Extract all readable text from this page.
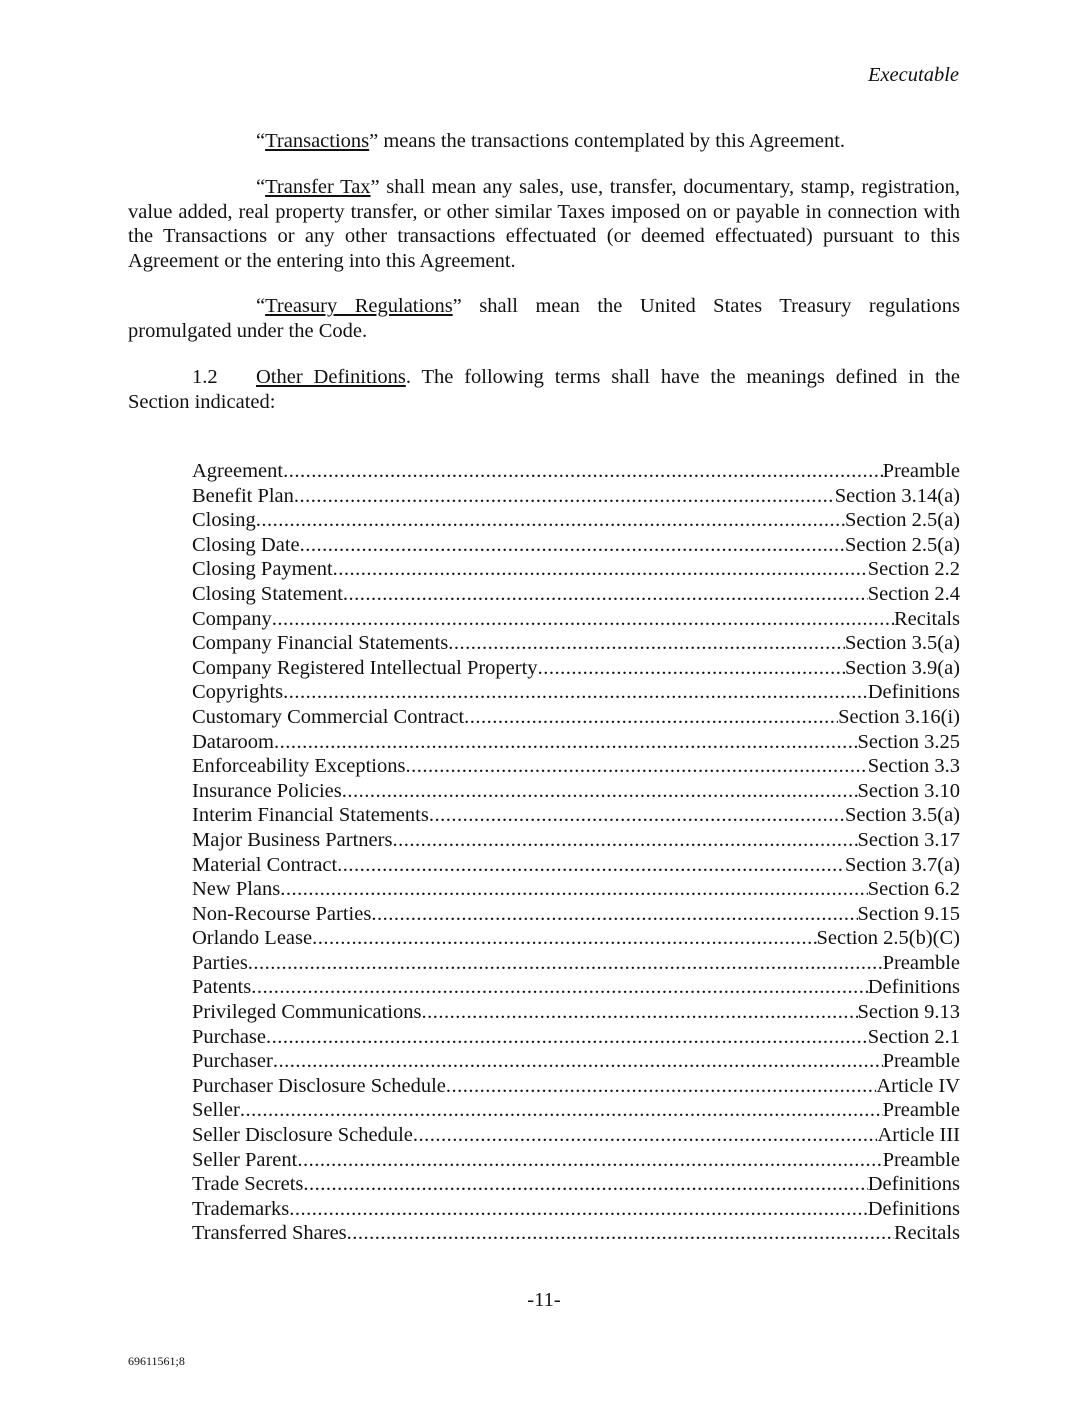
Executable

“Transactions” means the transactions contemplated by this Agreement.

“Transfer Tax” shall mean any sales, use, transfer, documentary, stamp, registration, value added, real property transfer, or other similar Taxes imposed on or payable in connection with the Transactions or any other transactions effectuated (or deemed effectuated) pursuant to this Agreement or the entering into this Agreement.

“Treasury Regulations” shall mean the United States Treasury regulations promulgated under the Code.

1.2 Other Definitions. The following terms shall have the meanings defined in the Section indicated:

Agreement .....	Preamble
Benefit Plan .....	Section 3.14(a)
Closing .....	Section 2.5(a)
Closing Date .....	Section 2.5(a)
Closing Payment .....	Section 2.2
Closing Statement .....	Section 2.4
Company .....	Recitals
Company Financial Statements .....	Section 3.5(a)
Company Registered Intellectual Property .....	Section 3.9(a)
Copyrights .....	Definitions
Customary Commercial Contract .....	Section 3.16(i)
Dataroom .....	Section 3.25
Enforceability Exceptions .....	Section 3.3
Insurance Policies .....	Section 3.10
Interim Financial Statements .....	Section 3.5(a)
Major Business Partners .....	Section 3.17
Material Contract .....	Section 3.7(a)
New Plans .....	Section 6.2
Non-Recourse Parties .....	Section 9.15
Orlando Lease .....	Section 2.5(b)(C)
Parties .....	Preamble
Patents .....	Definitions
Privileged Communications .....	Section 9.13
Purchase .....	Section 2.1
Purchaser .....	Preamble
Purchaser Disclosure Schedule .....	Article IV
Seller .....	Preamble
Seller Disclosure Schedule .....	Article III
Seller Parent .....	Preamble
Trade Secrets .....	Definitions
Trademarks .....	Definitions
Transferred Shares .....	Recitals
-11-
69611561;8
